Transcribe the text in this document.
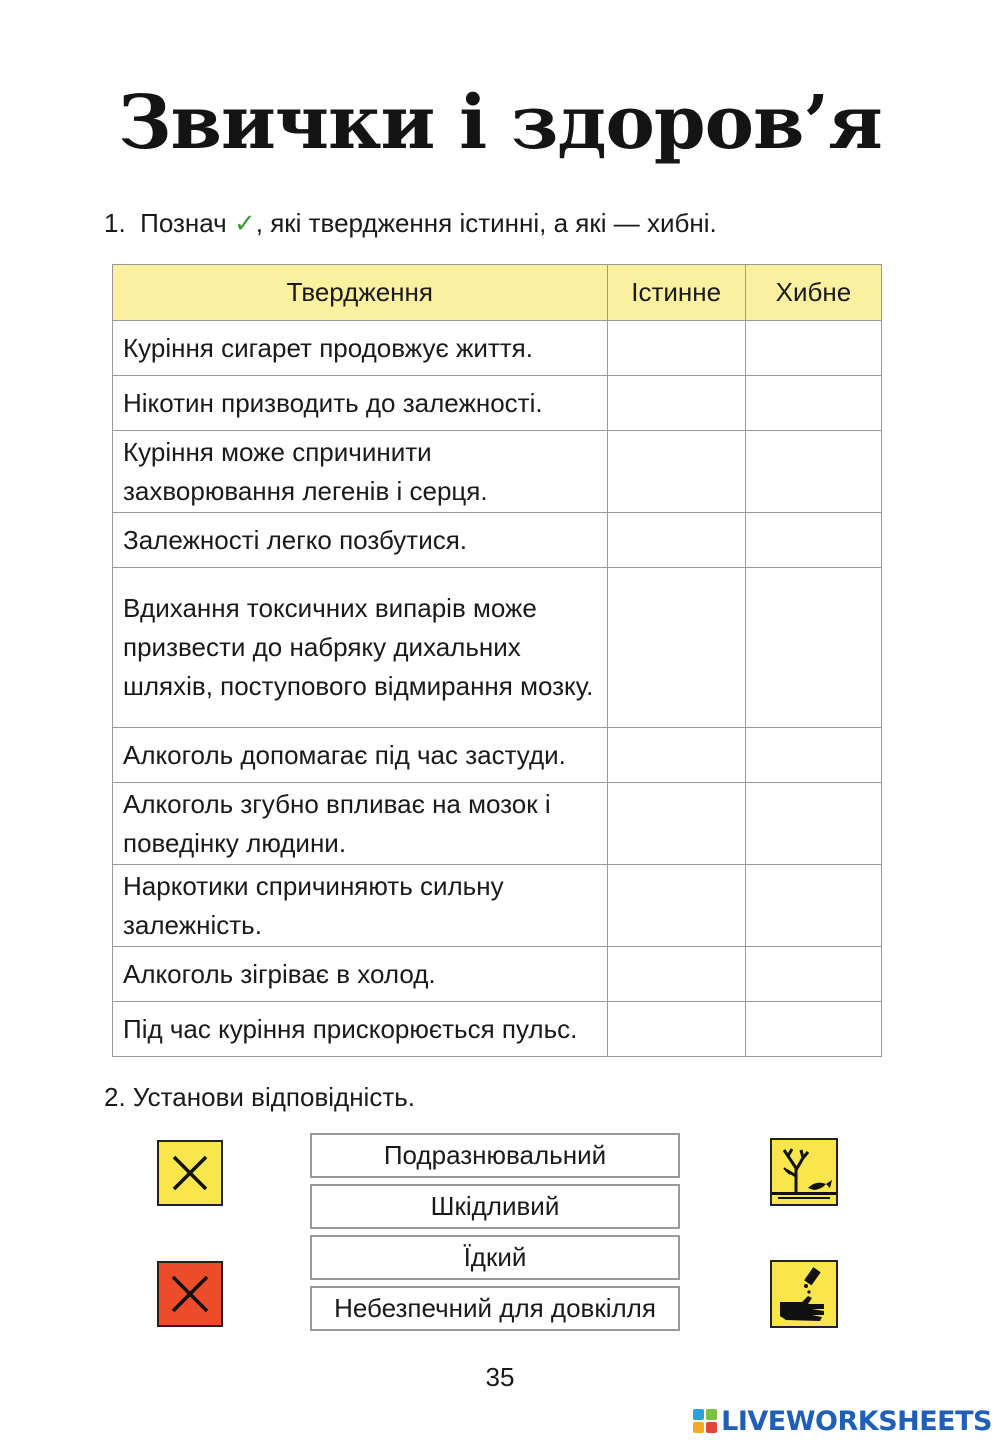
Звички і здоров’я
1. Познач ✓, які твердження істинні, а які — хибні.
Твердження	Істинне	Хибне
Куріння сигарет продовжує життя.		
Нікотин призводить до залежності.		
Куріння може спричинити захворювання легенів і серця.		
Залежності легко позбутися.		
Вдихання токсичних випарів може призвести до набряку дихальних шляхів, поступового відмирання мозку.		
Алкоголь допомагає під час застуди.		
Алкоголь згубно впливає на мозок і поведінку людини.		
Наркотики спричиняють сильну залежність.		
Алкоголь зігріває в холод.		
Під час куріння прискорюється пульс.		
2. Установи відповідність.
Подразнювальний
Шкідливий
Їдкий
Небезпечний для довкілля
35
LIVEWORKSHEETS
